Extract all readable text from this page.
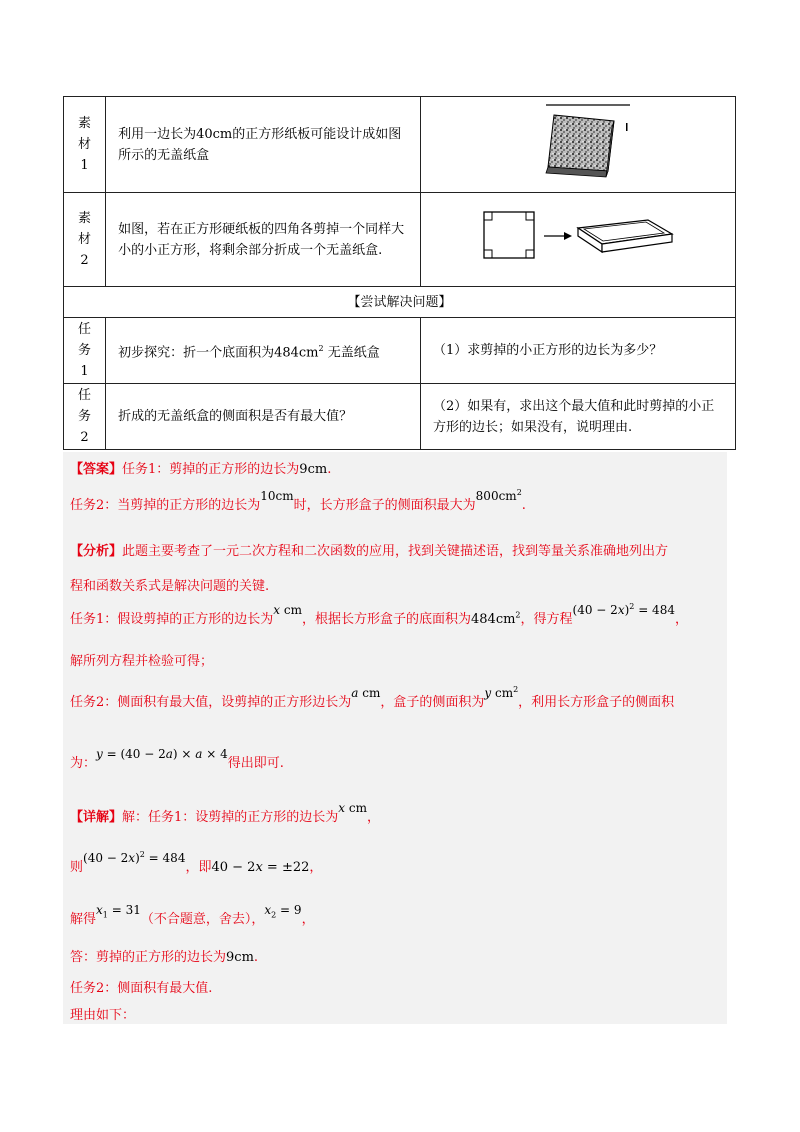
素
材
1	利用一边长为40cm的正方形纸板可能设计成如图所示的无盖纸盒	

素
材
2	如图，若在正方形硬纸板的四角各剪掉一个同样大小的小正方形，将剩余部分折成一个无盖纸盒.	
【尝试解决问题】		

任
务
1	初步探究：折一个底面积为$484cm^2$ 无盖纸盒	（1）求剪掉的小正方形的边长为多少？

任
务
2	折成的无盖纸盒的侧面积是否有最大值？	（2）如果有，求出这个最大值和此时剪掉的小正方形的边长；如果没有，说明理由.
【答案】任务1：剪掉的正方形的边长为9cm.
任务2：当剪掉的正方形的边长为10cm时，长方形盒子的侧面积最大为$800cm^2$.
【分析】此题主要考查了一元二次方程和二次函数的应用，找到关键描述语，找到等量关系准确地列出方
程和函数关系式是解决问题的关键.
任务1：假设剪掉的正方形的边长为x cm，根据长方形盒子的底面积为$484cm^2$，得方程$(40 - 2x)^2 = 484$，
解所列方程并检验可得；
任务2：侧面积有最大值，设剪掉的正方形边长为a cm，盒子的侧面积为y $cm^2$，利用长方形盒子的侧面积
为：y = (40 − 2a) × a × 4得出即可.
【详解】解：任务1：设剪掉的正方形的边长为x cm，
则$(40 - 2x)^2 = 484$，即40 − 2x = ±22，
解得$x_1 = 31$（不合题意，舍去），$x_2 = 9$，
答：剪掉的正方形的边长为9cm.
任务2：侧面积有最大值.
理由如下：
